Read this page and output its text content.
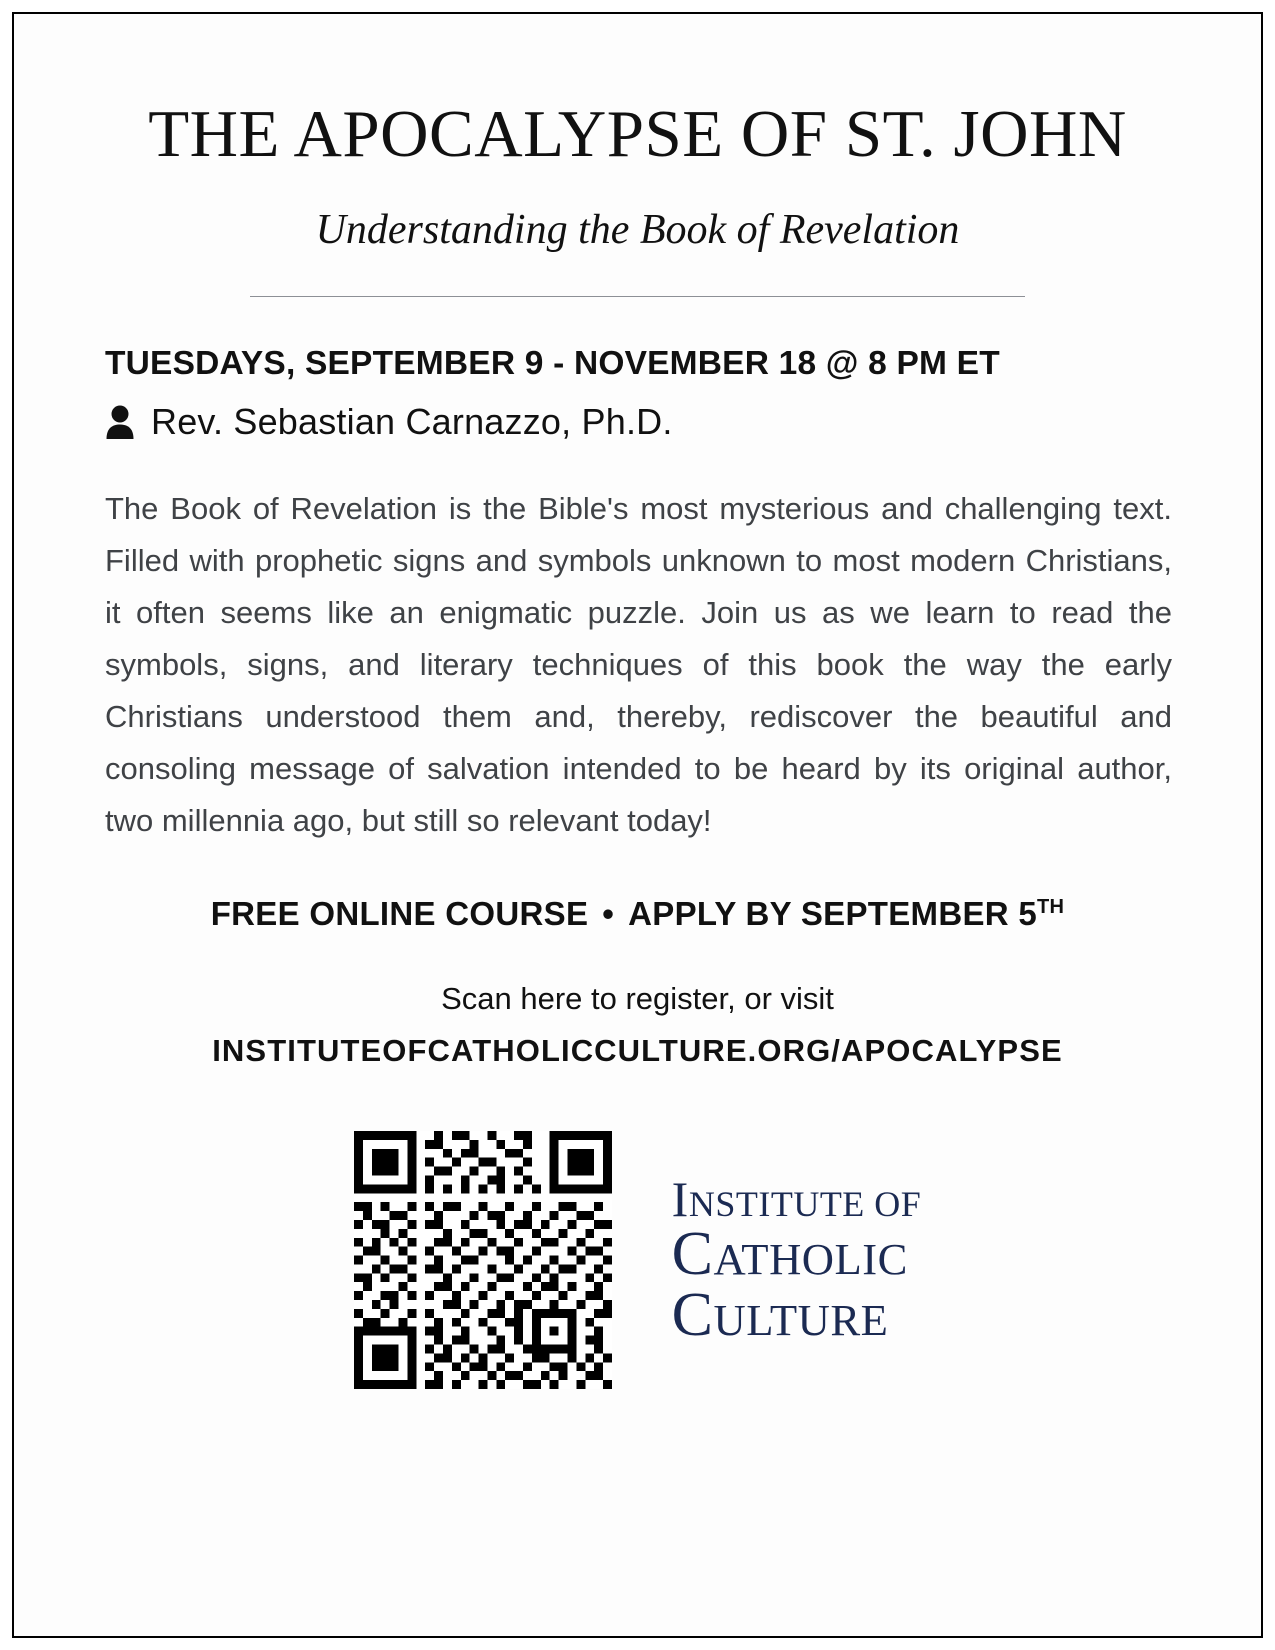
THE APOCALYPSE OF ST. JOHN
Understanding the Book of Revelation
TUESDAYS, SEPTEMBER 9 - NOVEMBER 18 @ 8 PM ET
Rev. Sebastian Carnazzo, Ph.D.

The Book of Revelation is the Bible's most mysterious and challenging text. Filled with prophetic signs and symbols unknown to most modern Christians, it often seems like an enigmatic puzzle. Join us as we learn to read the symbols, signs, and literary techniques of this book the way the early Christians understood them and, thereby, rediscover the beautiful and consoling message of salvation intended to be heard by its original author, two millennia ago, but still so relevant today!

FREE ONLINE COURSE • APPLY BY SEPTEMBER 5TH
Scan here to register, or visit
INSTITUTEOFCATHOLICCULTURE.ORG/APOCALYPSE
INSTITUTE OF
CATHOLIC
CULTURE
